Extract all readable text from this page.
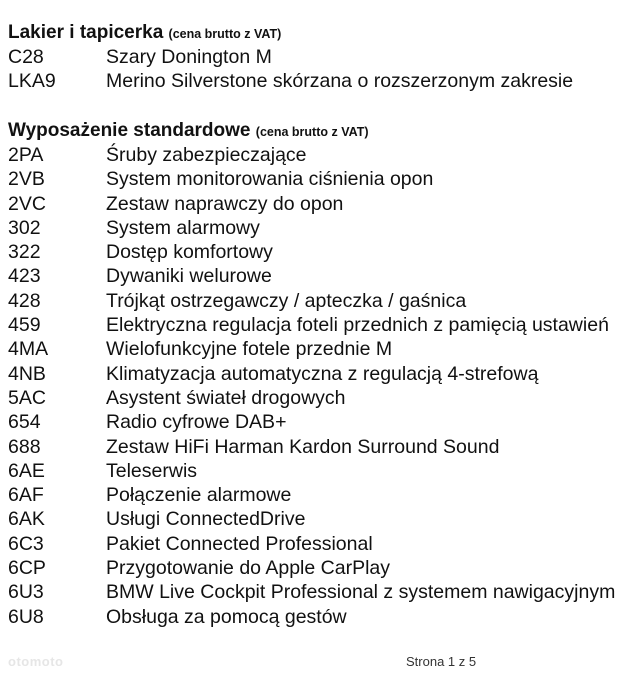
Lakier i tapicerka (cena brutto z VAT)
C28	Szary Donington M
LKA9	Merino Silverstone skórzana o rozszerzonym zakresie
Wyposażenie standardowe (cena brutto z VAT)
2PA	Śruby zabezpieczające
2VB	System monitorowania ciśnienia opon
2VC	Zestaw naprawczy do opon
302	System alarmowy
322	Dostęp komfortowy
423	Dywaniki welurowe
428	Trójkąt ostrzegawczy / apteczka / gaśnica
459	Elektryczna regulacja foteli przednich z pamięcią ustawień
4MA	Wielofunkcyjne fotele przednie M
4NB	Klimatyzacja automatyczna z regulacją 4-strefową
5AC	Asystent świateł drogowych
654	Radio cyfrowe DAB+
688	Zestaw HiFi Harman Kardon Surround Sound
6AE	Teleserwis
6AF	Połączenie alarmowe
6AK	Usługi ConnectedDrive
6C3	Pakiet Connected Professional
6CP	Przygotowanie do Apple CarPlay
6U3	BMW Live Cockpit Professional z systemem nawigacyjnym
6U8	Obsługa za pomocą gestów
otomoto	Strona 1 z 5
